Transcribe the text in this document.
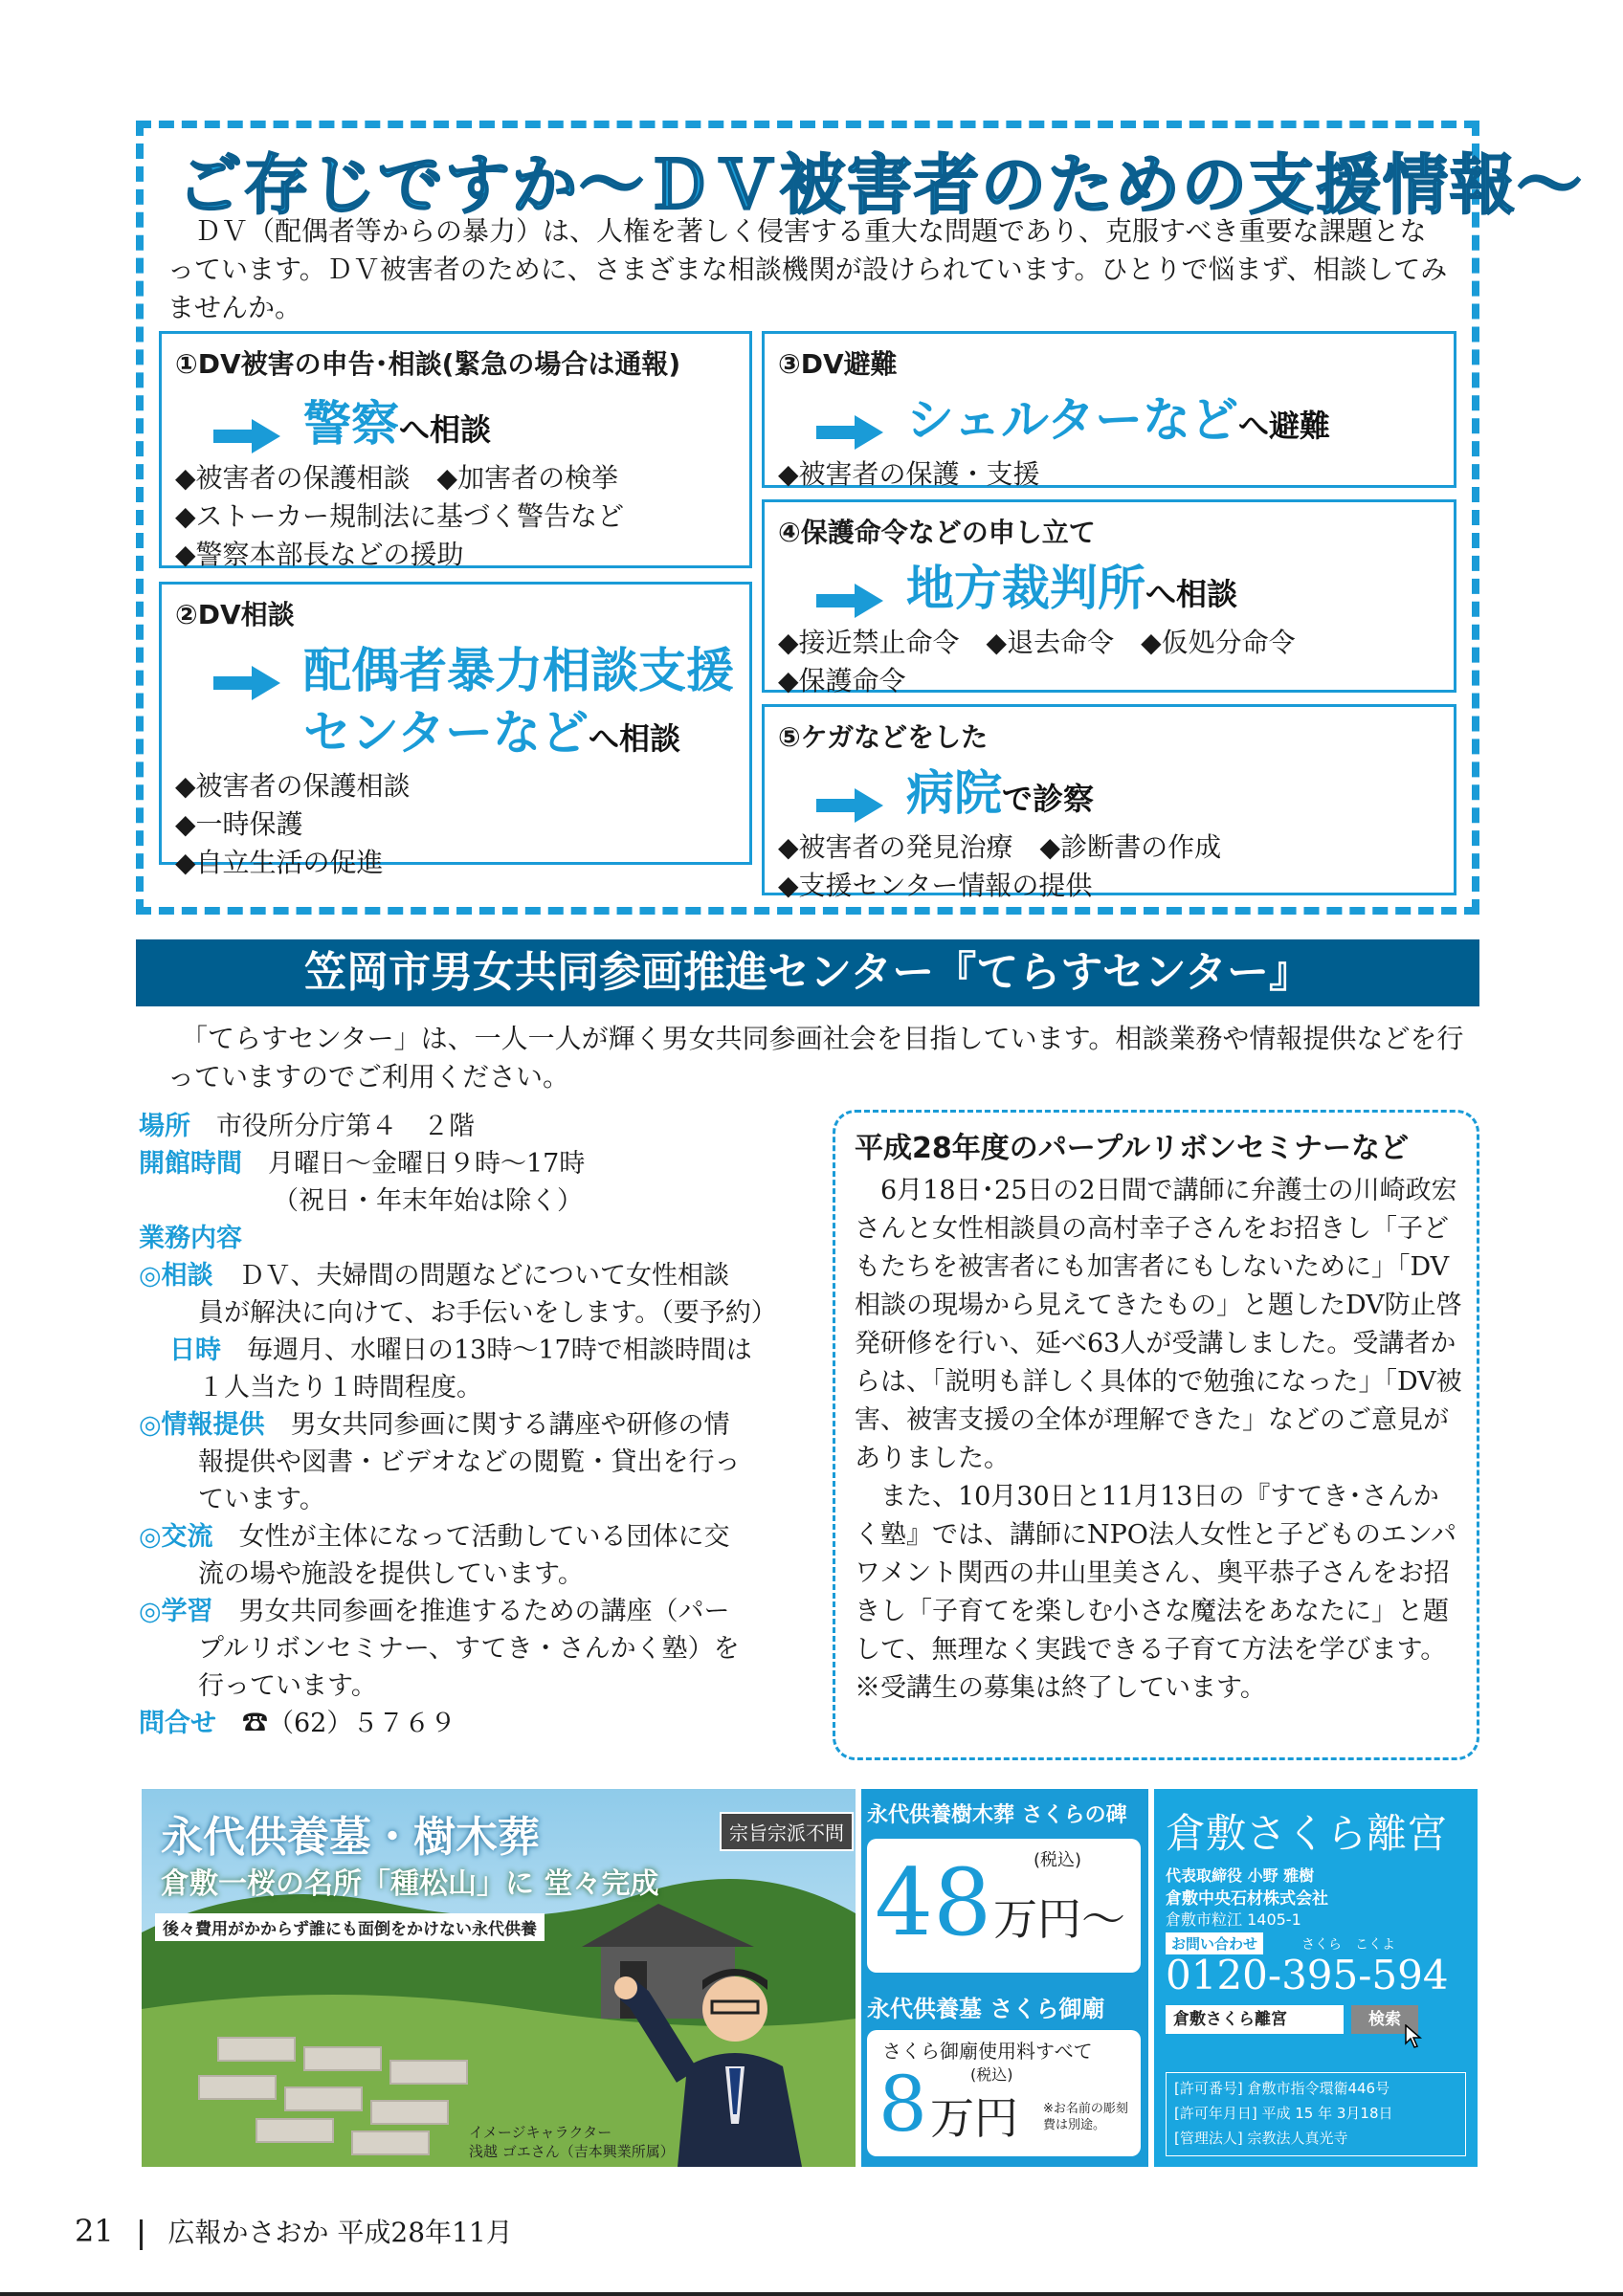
ご存じですか～ＤＶ被害者のための支援情報～
　ＤＶ（配偶者等からの暴力）は、人権を著しく侵害する重大な問題であり、克服すべき重要な課題となっています。ＤＶ被害者のために、さまざまな相談機関が設けられています。ひとりで悩まず、相談してみませんか。
①DV被害の申告･相談(緊急の場合は通報)
警察へ相談
◆被害者の保護相談　◆加害者の検挙
◆ストーカー規制法に基づく警告など
◆警察本部長などの援助
②DV相談
配偶者暴力相談支援
センターなどへ相談
◆被害者の保護相談
◆一時保護
◆自立生活の促進
③DV避難
シェルターなどへ避難
◆被害者の保護・支援
④保護命令などの申し立て
地方裁判所へ相談
◆接近禁止命令　◆退去命令　◆仮処分命令
◆保護命令
⑤ケガなどをした
病院で診察
◆被害者の発見治療　◆診断書の作成
◆支援センター情報の提供
笠岡市男女共同参画推進センター『てらすセンター』
　「てらすセンター」は、一人一人が輝く男女共同参画社会を目指しています。相談業務や情報提供などを行っていますのでご利用ください。
場所　 市役所分庁第４　２階
開館時間　 月曜日～金曜日９時～17時
（祝日・年末年始は除く）
業務内容
◎相談　 ＤＶ、夫婦間の問題などについて女性相談
員が解決に向けて、お手伝いをします。（要予約）
日時　 毎週月、水曜日の13時～17時で相談時間は
１人当たり１時間程度。
◎情報提供　 男女共同参画に関する講座や研修の情
報提供や図書・ビデオなどの閲覧・貸出を行っ
ています。
◎交流　 女性が主体になって活動している団体に交
流の場や施設を提供しています。
◎学習　 男女共同参画を推進するための講座（パー
プルリボンセミナー、すてき・さんかく塾）を
行っています。
問合せ　 ☎（62）５７６９
平成28年度のパープルリボンセミナーなど
　6月18日･25日の2日間で講師に弁護士の川崎政宏さんと女性相談員の高村幸子さんをお招きし「子どもたちを被害者にも加害者にもしないために」「DV相談の現場から見えてきたもの」と題したDV防止啓発研修を行い、延べ63人が受講しました。受講者からは、「説明も詳しく具体的で勉強になった」「DV被害、被害支援の全体が理解できた」などのご意見がありました。
　また、10月30日と11月13日の『すてき･さんかく塾』では、講師にNPO法人女性と子どものエンパワメント関西の井山里美さん、奥平恭子さんをお招きし「子育てを楽しむ小さな魔法をあなたに」と題して、無理なく実践できる子育て方法を学びます。
※受講生の募集は終了しています。
永代供養墓・樹木葬	宗旨宗派不問
倉敷一桜の名所「種松山」に 堂々完成
後々費用がかからず誰にも面倒をかけない永代供養
イメージキャラクター
浅越 ゴエさん（吉本興業所属）
永代供養樹木葬 さくらの碑
(税込)
48 万円～
永代供養墓 さくら御廟
さくら御廟使用料すべて
(税込)
8 万円 ※お名前の彫刻費は別途。
倉敷さくら離宮
代表取締役 小野 雅樹
倉敷中央石材株式会社
倉敷市粒江 1405-1
お問い合わせ	さくら　こくよ
0120-395-594
倉敷さくら離宮	検索
[許可番号] 倉敷市指令環衛446号
[許可年月日] 平成 15 年 3月18日
[管理法人] 宗教法人真光寺
21 広報かさおか 平成28年11月
